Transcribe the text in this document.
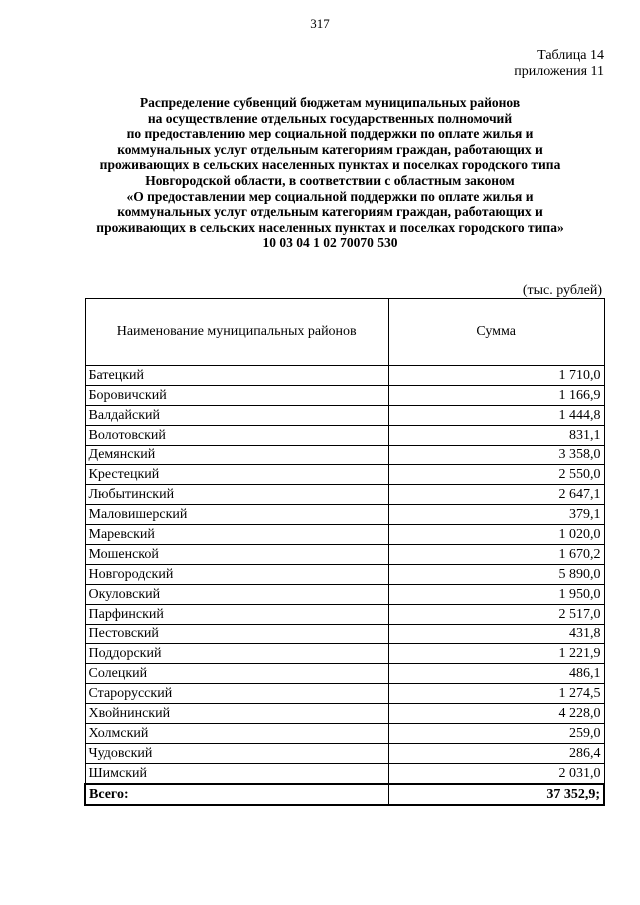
317
Таблица 14
приложения 11
Распределение субвенций бюджетам муниципальных районов
на осуществление отдельных государственных полномочий
по предоставлению мер социальной поддержки по оплате жилья и
коммунальных услуг отдельным категориям граждан, работающих и
проживающих в сельских населенных пунктах и поселках городского типа
Новгородской области, в соответствии с областным законом
«О предоставлении мер социальной поддержки по оплате жилья и
коммунальных услуг отдельным категориям граждан, работающих и
проживающих в сельских населенных пунктах и поселках городского типа»
10 03 04 1 02 70070 530
(тыс. рублей)
Наименование муниципальных районов	Сумма
Батецкий	1 710,0
Боровичский	1 166,9
Валдайский	1 444,8
Волотовский	831,1
Демянский	3 358,0
Крестецкий	2 550,0
Любытинский	2 647,1
Маловишерский	379,1
Маревский	1 020,0
Мошенской	1 670,2
Новгородский	5 890,0
Окуловский	1 950,0
Парфинский	2 517,0
Пестовский	431,8
Поддорский	1 221,9
Солецкий	486,1
Старорусский	1 274,5
Хвойнинский	4 228,0
Холмский	259,0
Чудовский	286,4
Шимский	2 031,0
Всего:	37 352,9;
